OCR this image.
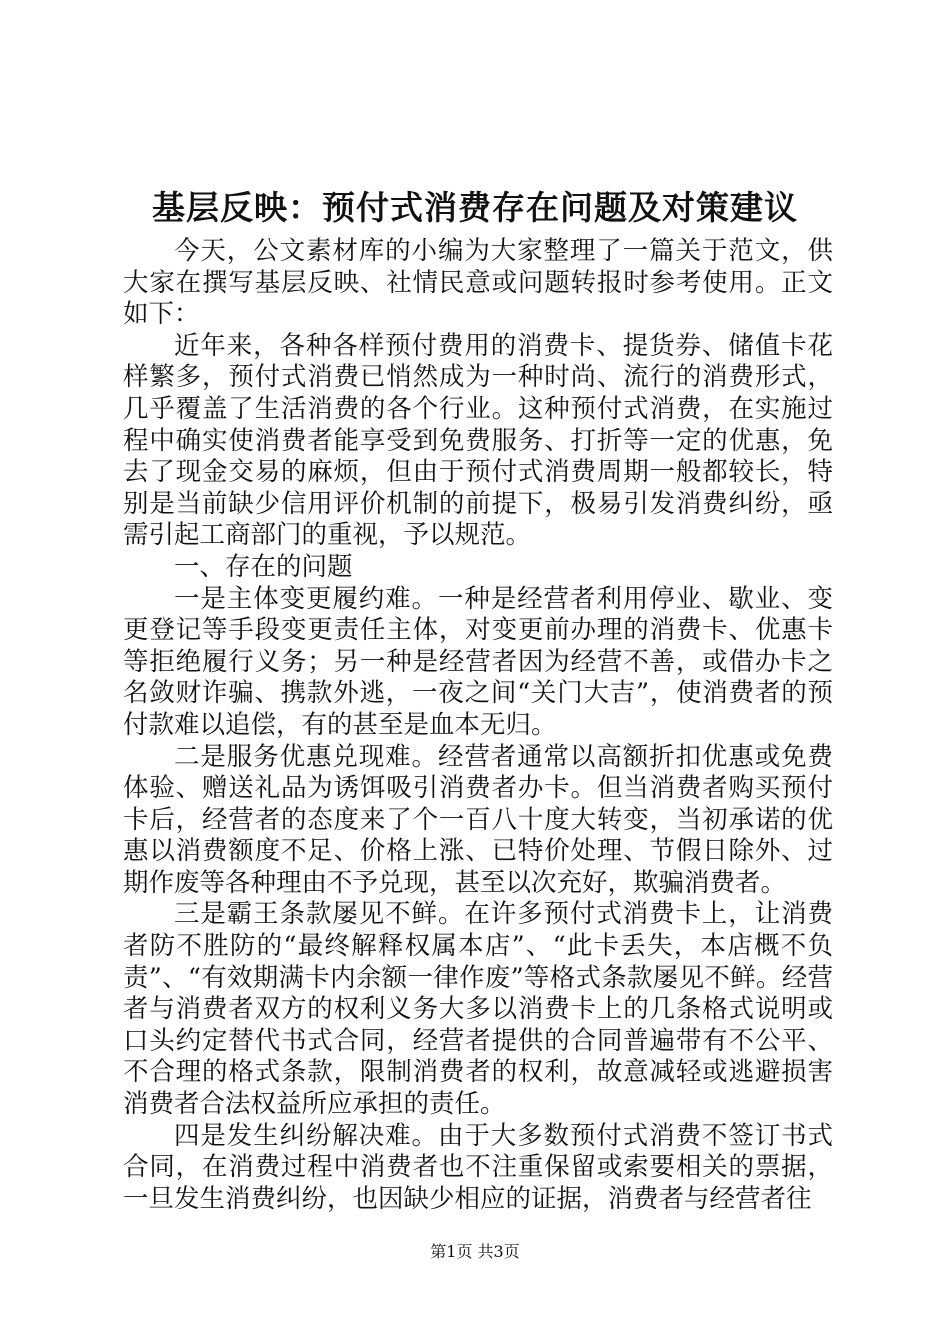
基层反映：预付式消费存在问题及对策建议

今天，公文素材库的小编为大家整理了一篇关于范文，供大家在撰写基层反映、社情民意或问题转报时参考使用。正文如下：

近年来，各种各样预付费用的消费卡、提货券、储值卡花样繁多，预付式消费已悄然成为一种时尚、流行的消费形式，几乎覆盖了生活消费的各个行业。这种预付式消费，在实施过程中确实使消费者能享受到免费服务、打折等一定的优惠，免去了现金交易的麻烦，但由于预付式消费周期一般都较长，特别是当前缺少信用评价机制的前提下，极易引发消费纠纷，亟需引起工商部门的重视，予以规范。

一、存在的问题

一是主体变更履约难。一种是经营者利用停业、歇业、变更登记等手段变更责任主体，对变更前办理的消费卡、优惠卡等拒绝履行义务；另一种是经营者因为经营不善，或借办卡之名敛财诈骗、携款外逃，一夜之间“关门大吉”，使消费者的预付款难以追偿，有的甚至是血本无归。

二是服务优惠兑现难。经营者通常以高额折扣优惠或免费体验、赠送礼品为诱饵吸引消费者办卡。但当消费者购买预付卡后，经营者的态度来了个一百八十度大转变，当初承诺的优惠以消费额度不足、价格上涨、已特价处理、节假日除外、过期作废等各种理由不予兑现，甚至以次充好，欺骗消费者。

三是霸王条款屡见不鲜。在许多预付式消费卡上，让消费者防不胜防的“最终解释权属本店”、“此卡丢失，本店概不负责”、“有效期满卡内余额一律作废”等格式条款屡见不鲜。经营者与消费者双方的权利义务大多以消费卡上的几条格式说明或口头约定替代书式合同，经营者提供的合同普遍带有不公平、不合理的格式条款，限制消费者的权利，故意减轻或逃避损害消费者合法权益所应承担的责任。

四是发生纠纷解决难。由于大多数预付式消费不签订书式合同，在消费过程中消费者也不注重保留或索要相关的票据，一旦发生消费纠纷，也因缺少相应的证据，消费者与经营者往

第1页 共3页
